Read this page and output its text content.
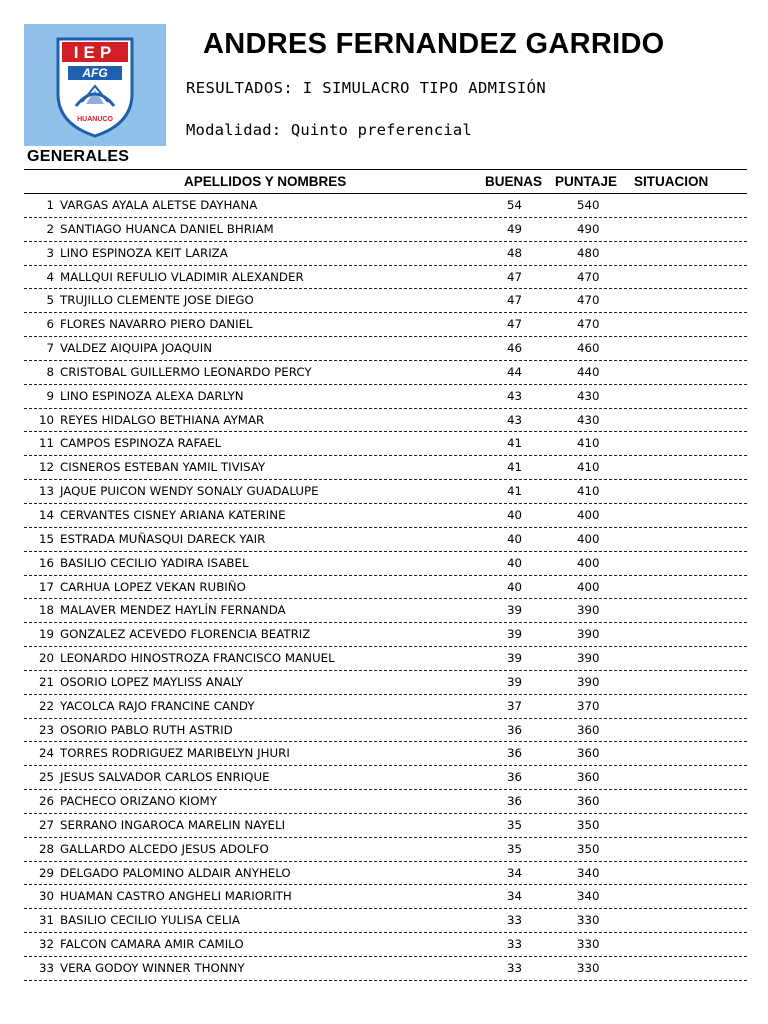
IEP
AFG
HUANUCO
ANDRES FERNANDEZ GARRIDO
RESULTADOS: I SIMULACRO TIPO ADMISIÓN
Modalidad: Quinto preferencial
GENERALES
APELLIDOS Y NOMBRES	BUENAS PUNTAJE SITUACION
1 VARGAS AYALA ALETSE DAYHANA	54	540
2 SANTIAGO HUANCA DANIEL BHRIAM	49	490
3 LINO ESPINOZA KEIT LARIZA	48	480
4 MALLQUI REFULIO VLADIMIR ALEXANDER	47	470
5 TRUJILLO CLEMENTE JOSE DIEGO	47	470
6 FLORES NAVARRO PIERO DANIEL	47	470
7 VALDEZ AIQUIPA JOAQUIN	46	460
8 CRISTOBAL GUILLERMO LEONARDO PERCY	44	440
9 LINO ESPINOZA ALEXA DARLYN	43	430
10 REYES HIDALGO BETHIANA AYMAR	43	430
11 CAMPOS ESPINOZA RAFAEL	41	410
12 CISNEROS ESTEBAN YAMIL TIVISAY	41	410
13 JAQUE PUICON WENDY SONALY GUADALUPE	41	410
14 CERVANTES CISNEY ARIANA KATERINE	40	400
15 ESTRADA MUÑASQUI DARECK YAIR	40	400
16 BASILIO CECILIO YADIRA ISABEL	40	400
17 CARHUA LOPEZ VEKAN RUBIÑO	40	400
18 MALAVER MENDEZ HAYLÍN FERNANDA	39	390
19 GONZALEZ ACEVEDO FLORENCIA BEATRIZ	39	390
20 LEONARDO HINOSTROZA FRANCISCO MANUEL	39	390
21 OSORIO LOPEZ MAYLISS ANALY	39	390
22 YACOLCA RAJO FRANCINE CANDY	37	370
23 OSORIO PABLO RUTH ASTRID	36	360
24 TORRES RODRIGUEZ MARIBELYN JHURI	36	360
25 JESUS SALVADOR CARLOS ENRIQUE	36	360
26 PACHECO ORIZANO KIOMY	36	360
27 SERRANO INGAROCA MARELIN NAYELI	35	350
28 GALLARDO ALCEDO JESUS ADOLFO	35	350
29 DELGADO PALOMINO ALDAIR ANYHELO	34	340
30 HUAMAN CASTRO ANGHELI MARIORITH	34	340
31 BASILIO CECILIO YULISA CELIA	33	330
32 FALCON CAMARA AMIR CAMILO	33	330
33 VERA GODOY WINNER THONNY	33	330
